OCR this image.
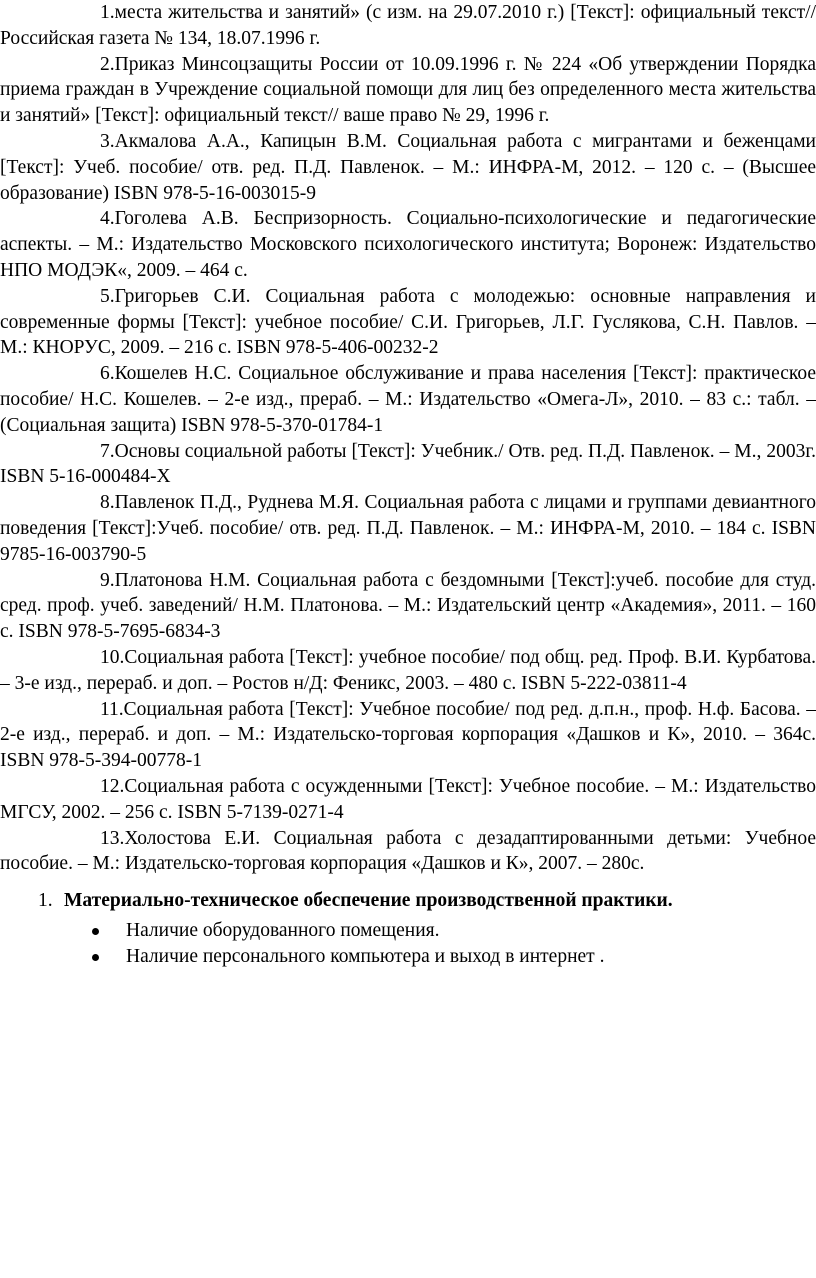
1.места жительства и занятий» (с изм. на 29.07.2010 г.) [Текст]: официальный текст// Российская газета № 134, 18.07.1996 г.

2.Приказ Минсоцзащиты России от 10.09.1996 г. № 224 «Об утверждении Порядка приема граждан в Учреждение социальной помощи для лиц без определенного места жительства и занятий» [Текст]: официальный текст// ваше право № 29, 1996 г.

3.Акмалова А.А., Капицын В.М. Социальная работа с мигрантами и беженцами [Текст]: Учеб. пособие/ отв. ред. П.Д. Павленок. – М.: ИНФРА-М, 2012. – 120 с. – (Высшее образование) ISBN 978-5-16-003015-9

4.Гоголева А.В. Беспризорность. Социально-психологические и педагогические аспекты. – М.: Издательство Московского психологического института; Воронеж: Издательство НПО МОДЭК«, 2009. – 464 с.

5.Григорьев С.И. Социальная работа с молодежью: основные направления и современные формы [Текст]: учебное пособие/ С.И. Григорьев, Л.Г. Гуслякова, С.Н. Павлов. – М.: КНОРУС, 2009. – 216 с. ISBN 978-5-406-00232-2

6.Кошелев Н.С. Социальное обслуживание и права населения [Текст]: практическое пособие/ Н.С. Кошелев. – 2-е изд., прераб. – М.: Издательство «Омега-Л», 2010. – 83 с.: табл. – (Социальная защита) ISBN 978-5-370-01784-1

7.Основы социальной работы [Текст]: Учебник./ Отв. ред. П.Д. Павленок. – М., 2003г. ISBN 5-16-000484-Х

8.Павленок П.Д., Руднева М.Я. Социальная работа с лицами и группами девиантного поведения [Текст]:Учеб. пособие/ отв. ред. П.Д. Павленок. – М.: ИНФРА-М, 2010. – 184 с. ISBN 9785-16-003790-5

9.Платонова Н.М. Социальная работа с бездомными [Текст]:учеб. пособие для студ. сред. проф. учеб. заведений/ Н.М. Платонова. – М.: Издательский центр «Академия», 2011. – 160 с. ISBN 978-5-7695-6834-3

10.Социальная работа [Текст]: учебное пособие/ под общ. ред. Проф. В.И. Курбатова. – 3-е изд., перераб. и доп. – Ростов н/Д: Феникс, 2003. – 480 с. ISBN 5-222-03811-4

11.Социальная работа [Текст]: Учебное пособие/ под ред. д.п.н., проф. Н.ф. Басова. – 2-е изд., перераб. и доп. – М.: Издательско-торговая корпорация «Дашков и К», 2010. – 364с. ISBN 978-5-394-00778-1

12.Социальная работа с осужденными [Текст]: Учебное пособие. – М.: Издательство МГСУ, 2002. – 256 с. ISBN 5-7139-0271-4

13.Холостова Е.И. Социальная работа с дезадаптированными детьми: Учебное пособие. – М.: Издательско-торговая корпорация «Дашков и К», 2007. – 280с.

1. Материально-техническое обеспечение производственной практики.

Наличие оборудованного помещения.
Наличие персонального компьютера и выход в интернет .
